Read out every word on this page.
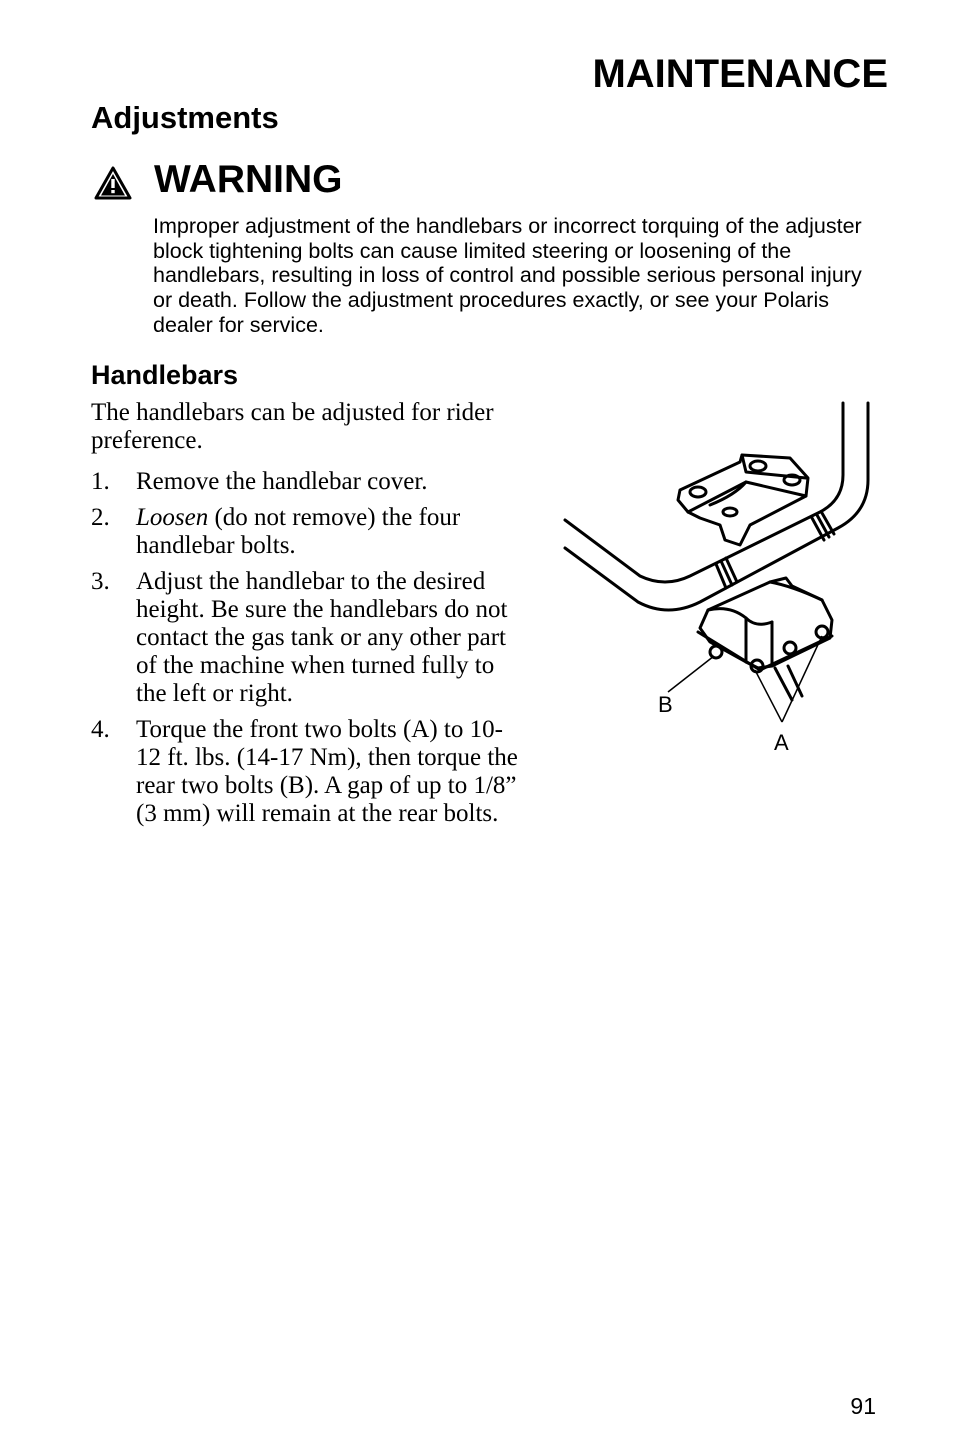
MAINTENANCE
Adjustments
WARNING
Improper adjustment of the handlebars or incorrect torquing of the adjuster block tightening bolts can cause limited steering or loosening of the handlebars, resulting in loss of control and possible serious personal injury or death. Follow the adjustment procedures exactly, or see your Polaris dealer for service.
Handlebars
The handlebars can be adjusted for rider preference.
1. Remove the handlebar cover.
2. Loosen (do not remove) the four handlebar bolts.
3. Adjust the handlebar to the desired height. Be sure the handlebars do not contact the gas tank or any other part of the machine when turned fully to the left or right.
4. Torque the front two bolts (A) to 10-12 ft. lbs. (14-17 Nm), then torque the rear two bolts (B). A gap of up to 1/8” (3 mm) will remain at the rear bolts.
B
A
91
